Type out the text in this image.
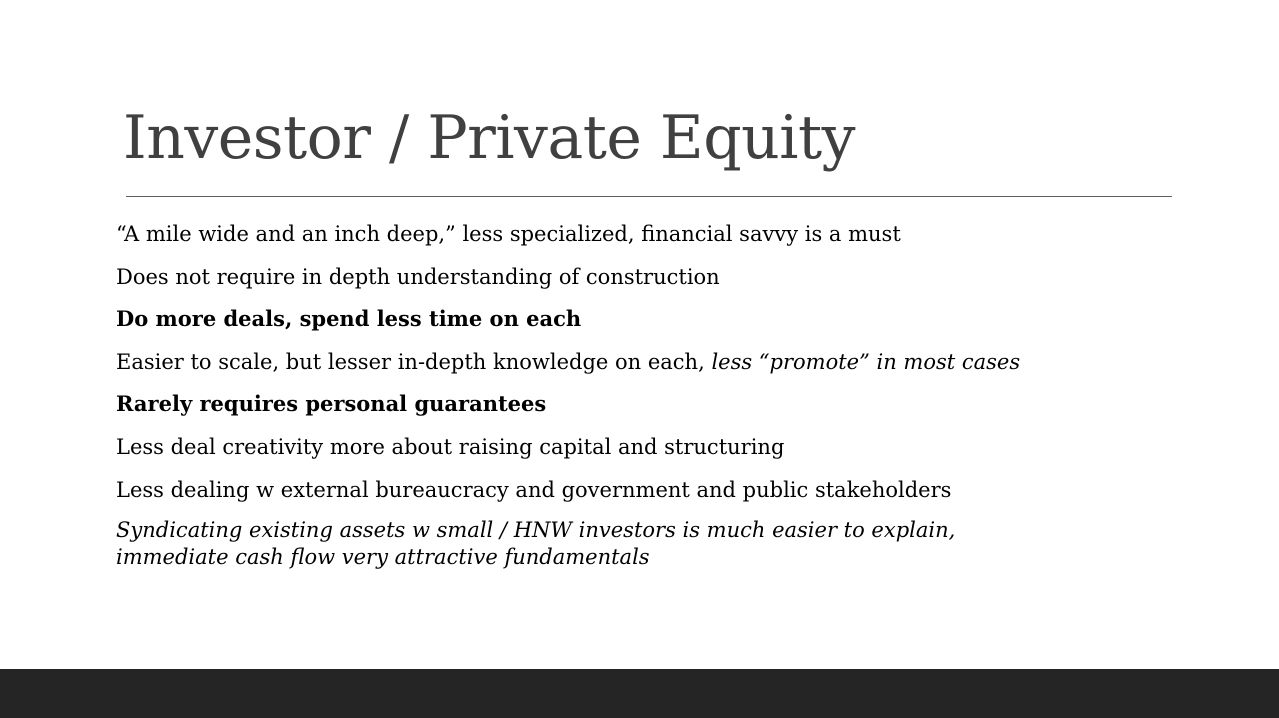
Investor / Private Equity
“A mile wide and an inch deep,” less specialized, financial savvy is a must
Does not require in depth understanding of construction
Do more deals, spend less time on each
Easier to scale, but lesser in-depth knowledge on each, less “promote” in most cases
Rarely requires personal guarantees
Less deal creativity more about raising capital and structuring
Less dealing w external bureaucracy and government and public stakeholders
Syndicating existing assets w small / HNW investors is much easier to explain,
immediate cash flow very attractive fundamentals
